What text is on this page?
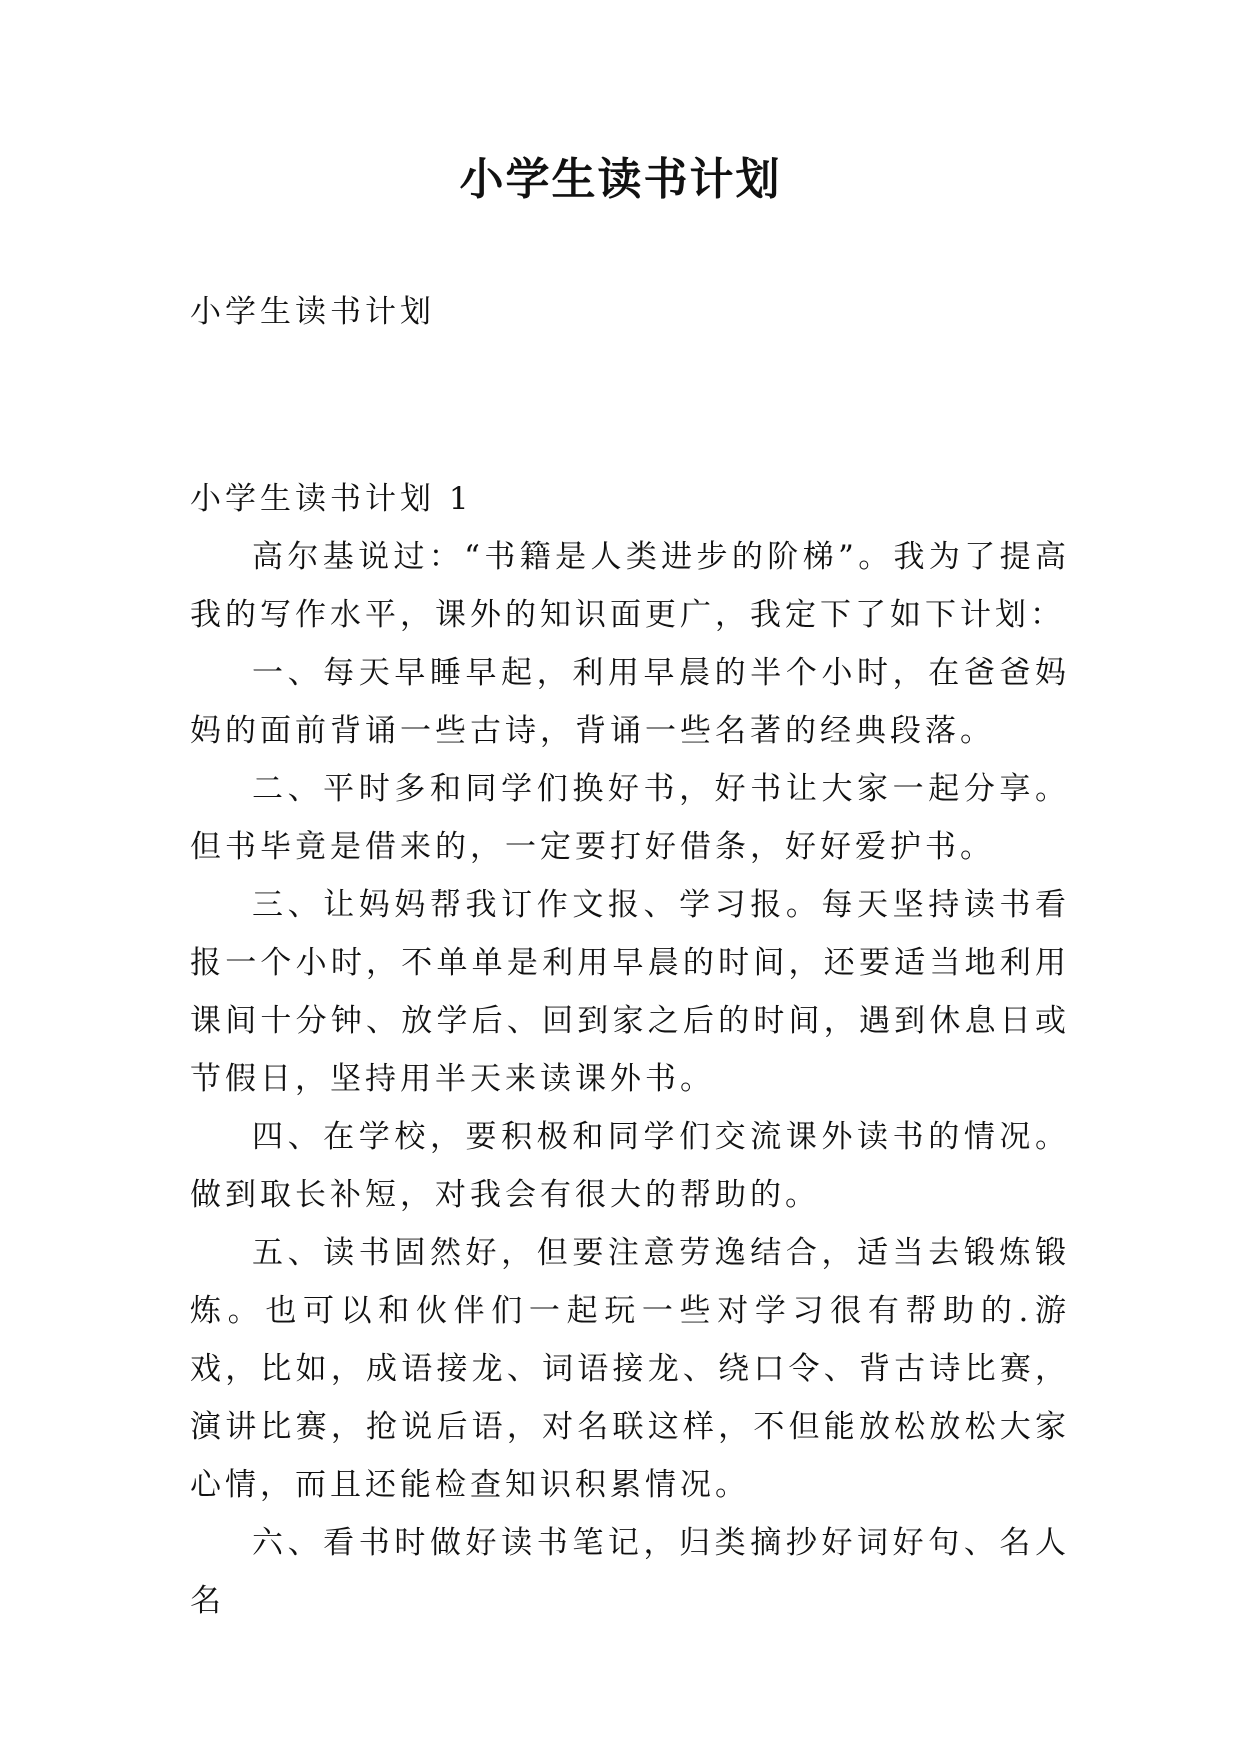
小学生读书计划
小学生读书计划

小学生读书计划 1

高尔基说过：“书籍是人类进步的阶梯”。我为了提高我的写作水平，课外的知识面更广，我定下了如下计划：

一、每天早睡早起，利用早晨的半个小时，在爸爸妈妈的面前背诵一些古诗，背诵一些名著的经典段落。

二、平时多和同学们换好书，好书让大家一起分享。但书毕竟是借来的，一定要打好借条，好好爱护书。

三、让妈妈帮我订作文报、学习报。每天坚持读书看报一个小时，不单单是利用早晨的时间，还要适当地利用课间十分钟、放学后、回到家之后的时间，遇到休息日或节假日，坚持用半天来读课外书。

四、在学校，要积极和同学们交流课外读书的情况。做到取长补短，对我会有很大的帮助的。

五、读书固然好，但要注意劳逸结合，适当去锻炼锻炼。也可以和伙伴们一起玩一些对学习很有帮助的.游戏，比如，成语接龙、词语接龙、绕口令、背古诗比赛，演讲比赛，抢说后语，对名联这样，不但能放松放松大家心情，而且还能检查知识积累情况。

六、看书时做好读书笔记，归类摘抄好词好句、名人名
